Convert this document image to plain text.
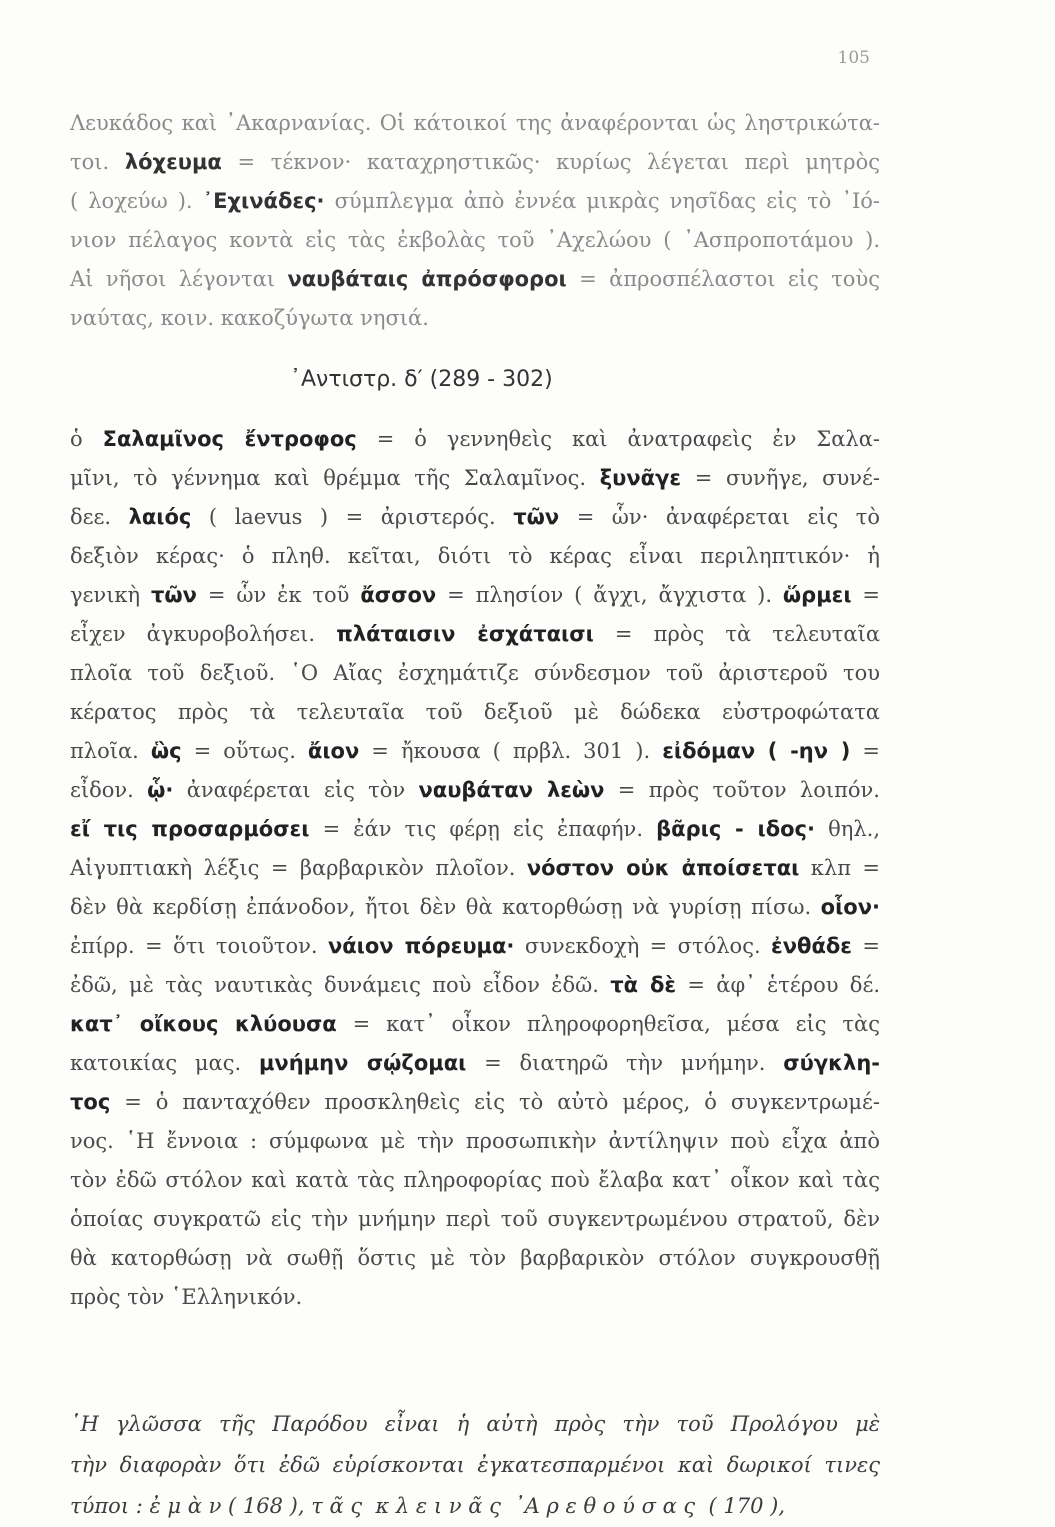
105
Λευκάδος καὶ ᾿Ακαρνανίας. Οἱ κάτοικοί της ἀναφέρονται ὡς ληστρικώτα-
τοι. λόχευμα = τέκνον· καταχρηστικῶς· κυρίως λέγεται περὶ μητρὸς
( λοχεύω ). ᾿Εχινάδες· σύμπλεγμα ἀπὸ ἐννέα μικρὰς νησῖδας εἰς τὸ ᾿Ιό-
νιον πέλαγος κοντὰ εἰς τὰς ἐκβολὰς τοῦ ᾿Αχελώου ( ᾿Ασπροποτάμου ).
Αἱ νῆσοι λέγονται ναυβάταις ἀπρόσφοροι = ἀπροσπέλαστοι εἰς τοὺς
ναύτας, κοιν. κακοζύγωτα νησιά.
᾿Αντιστρ. δ′ (289 - 302)
ὁ Σαλαμῖνος ἔντροφος = ὁ γεννηθεὶς καὶ ἀνατραφεὶς ἐν Σαλα-
μῖνι, τὸ γέννημα καὶ θρέμμα τῆς Σαλαμῖνος. ξυνᾶγε = συνῆγε, συνέ-
δεε. λαιός ( laevus ) = ἀριστερός. τῶν = ὧν· ἀναφέρεται εἰς τὸ
δεξιὸν κέρας· ὁ πληθ. κεῖται, διότι τὸ κέρας εἶναι περιληπτικόν· ἡ
γενικὴ τῶν = ὧν ἐκ τοῦ ἄσσον = πλησίον ( ἄγχι, ἄγχιστα ). ὥρμει =
εἶχεν ἀγκυροβολήσει. πλάταισιν ἐσχάταισι = πρὸς τὰ τελευταῖα
πλοῖα τοῦ δεξιοῦ. ῾Ο Αἴας ἐσχημάτιζε σύνδεσμον τοῦ ἀριστεροῦ του
κέρατος πρὸς τὰ τελευταῖα τοῦ δεξιοῦ μὲ δώδεκα εὐστροφώτατα
πλοῖα. ὣς = οὕτως. ἄιον = ἤκουσα ( πρβλ. 301 ). εἰδόμαν ( -ην ) =
εἶδον. ᾧ· ἀναφέρεται εἰς τὸν ναυβάταν λεὼν = πρὸς τοῦτον λοιπόν.
εἴ τις προσαρμόσει = ἐάν τις φέρῃ εἰς ἐπαφήν. βᾶρις - ιδος· θηλ.,
Αἰγυπτιακὴ λέξις = βαρβαρικὸν πλοῖον. νόστον οὐκ ἀποίσεται κλπ =
δὲν θὰ κερδίσῃ ἐπάνοδον, ἤτοι δὲν θὰ κατορθώσῃ νὰ γυρίσῃ πίσω. οἷον·
ἐπίρρ. = ὅτι τοιοῦτον. νάιον πόρευμα· συνεκδοχὴ = στόλος. ἐνθάδε =
ἐδῶ, μὲ τὰς ναυτικὰς δυνάμεις ποὺ εἶδον ἐδῶ. τὰ δὲ = ἀφ᾿ ἑτέρου δέ.
κατ᾿ οἴκους κλύουσα = κατ᾿ οἶκον πληροφορηθεῖσα, μέσα εἰς τὰς
κατοικίας μας. μνήμην σῴζομαι = διατηρῶ τὴν μνήμην. σύγκλη-
τος = ὁ πανταχόθεν προσκληθεὶς εἰς τὸ αὐτὸ μέρος, ὁ συγκεντρωμέ-
νος. ῾Η ἔννοια : σύμφωνα μὲ τὴν προσωπικὴν ἀντίληψιν ποὺ εἶχα ἀπὸ
τὸν ἐδῶ στόλον καὶ κατὰ τὰς πληροφορίας ποὺ ἔλαβα κατ᾿ οἶκον καὶ τὰς
ὁποίας συγκρατῶ εἰς τὴν μνήμην περὶ τοῦ συγκεντρωμένου στρατοῦ, δὲν
θὰ κατορθώσῃ νὰ σωθῇ ὅστις μὲ τὸν βαρβαρικὸν στόλον συγκρουσθῇ
πρὸς τὸν ῾Ελληνικόν.
῾Η γλῶσσα τῆς Παρόδου εἶναι ἡ αὐτὴ πρὸς τὴν τοῦ Προλόγου μὲ
τὴν διαφορὰν ὅτι ἐδῶ εὑρίσκονται ἐγκατεσπαρμένοι καὶ δωρικοί τινες
τύποι : ἐ μ ὰ ν ( 168 ), τ ᾶ ς  κ λ ε ι ν ᾶ ς  ᾿Α ρ ε θ ο ύ σ α ς  ( 170 ),
